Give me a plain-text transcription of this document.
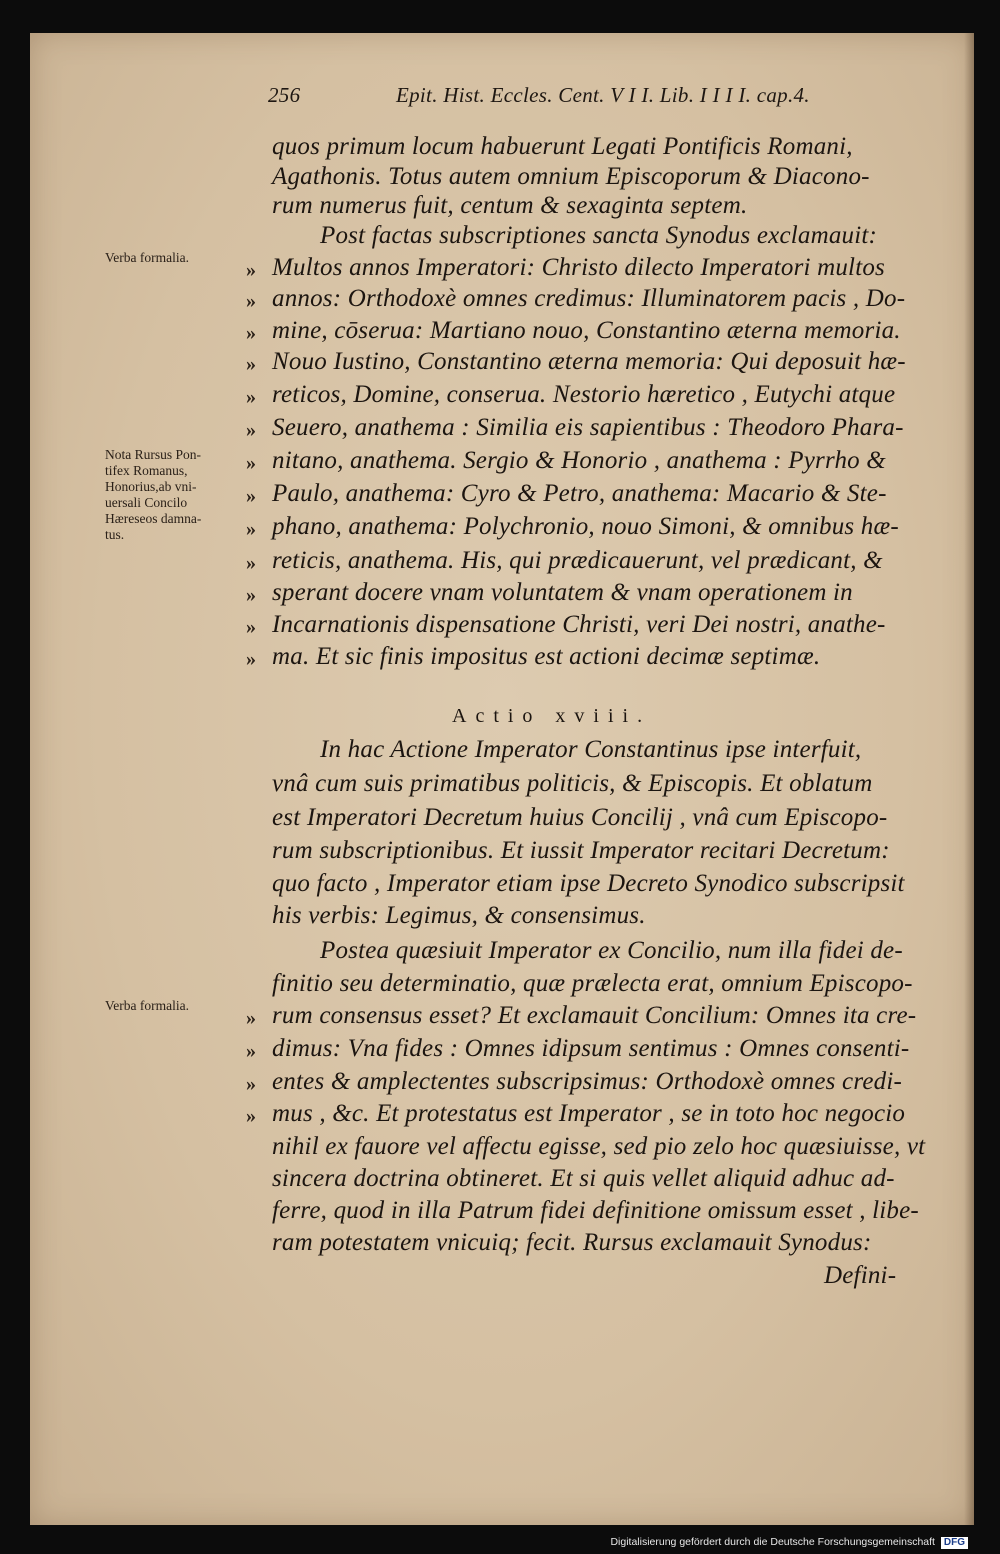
256	Epit. Hist. Eccles. Cent. V I I. Lib. I I I I. cap.4.
quos primum locum habuerunt Legati Pontificis Romani,
Agathonis. Totus autem omnium Episcoporum & Diacono-
rum numerus fuit, centum & sexaginta septem.
Post factas subscriptiones sancta Synodus exclamauit:
Multos annos Imperatori: Christo dilecto Imperatori multos
annos: Orthodoxè omnes credimus: Illuminatorem pacis , Do-
mine, cōserua: Martiano nouo, Constantino æterna memoria.
Nouo Iustino, Constantino æterna memoria: Qui deposuit hæ-
reticos, Domine, conserua. Nestorio hæretico , Eutychi atque
Seuero, anathema : Similia eis sapientibus : Theodoro Phara-
nitano, anathema. Sergio & Honorio , anathema : Pyrrho &
Paulo, anathema: Cyro & Petro, anathema: Macario & Ste-
phano, anathema: Polychronio, nouo Simoni, & omnibus hæ-
reticis, anathema. His, qui prædicauerunt, vel prædicant, &
sperant docere vnam voluntatem & vnam operationem in
Incarnationis dispensatione Christi, veri Dei nostri, anathe-
ma. Et sic finis impositus est actioni decimæ septimæ.
Actio xviii.
In hac Actione Imperator Constantinus ipse interfuit,
vnâ cum suis primatibus politicis, & Episcopis. Et oblatum
est Imperatori Decretum huius Concilij , vnâ cum Episcopo-
rum subscriptionibus. Et iussit Imperator recitari Decretum:
quo facto , Imperator etiam ipse Decreto Synodico subscripsit
his verbis: Legimus, & consensimus.
Postea quæsiuit Imperator ex Concilio, num illa fidei de-
finitio seu determinatio, quæ prælecta erat, omnium Episcopo-
rum consensus esset? Et exclamauit Concilium: Omnes ita cre-
dimus: Vna fides : Omnes idipsum sentimus : Omnes consenti-
entes & amplectentes subscripsimus: Orthodoxè omnes credi-
mus , &c. Et protestatus est Imperator , se in toto hoc negocio
nihil ex fauore vel affectu egisse, sed pio zelo hoc quæsiuisse, vt
sincera doctrina obtineret. Et si quis vellet aliquid adhuc ad-
ferre, quod in illa Patrum fidei definitione omissum esset , libe-
ram potestatem vnicuiq; fecit. Rursus exclamauit Synodus:
Defini-
»
»
»
»
»
»
»
»
»
»
»
»
»
»
»
»
»
Verba formalia.
Nota Rursus Pon-
tifex Romanus,
Honorius,ab vni-
uersali Concilo
Hæreseos damna-
tus.
Verba formalia.
Digitalisierung gefördert durch die Deutsche Forschungsgemeinschaft DFG
